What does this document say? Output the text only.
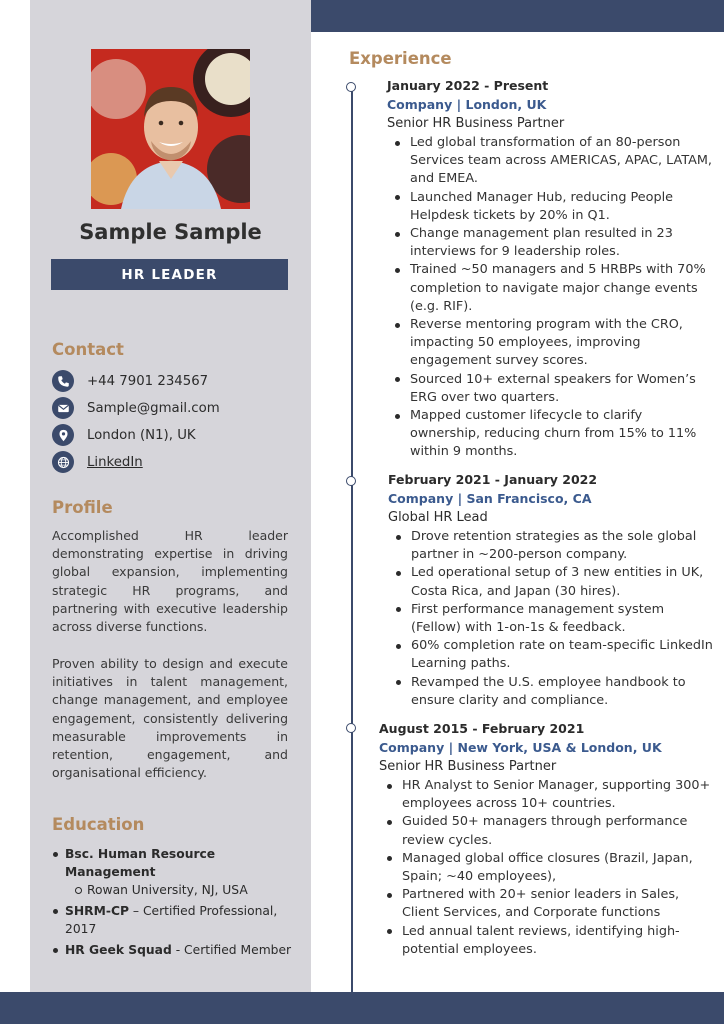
Sample Sample
HR LEADER
Contact
+44 7901 234567
Sample@gmail.com
London (N1), UK
LinkedIn
Profile
Accomplished HR leader demonstrating expertise in driving global expansion, implementing strategic HR programs, and partnering with executive leadership across diverse functions.
Proven ability to design and execute initiatives in talent management, change management, and employee engagement, consistently delivering measurable improvements in retention, engagement, and organisational efficiency.
Education
Bsc. Human Resource Management
Rowan University, NJ, USA
SHRM-CP – Certified Professional, 2017
HR Geek Squad - Certified Member
Experience
January 2022 - Present
Company | London, UK
Senior HR Business Partner
Led global transformation of an 80-person Services team across AMERICAS, APAC, LATAM, and EMEA.
Launched Manager Hub, reducing People Helpdesk tickets by 20% in Q1.
Change management plan resulted in 23 interviews for 9 leadership roles.
Trained ~50 managers and 5 HRBPs with 70% completion to navigate major change events (e.g. RIF).
Reverse mentoring program with the CRO, impacting 50 employees, improving engagement survey scores.
Sourced 10+ external speakers for Women’s ERG over two quarters.
Mapped customer lifecycle to clarify ownership, reducing churn from 15% to 11% within 9 months.
February 2021 - January 2022
Company | San Francisco, CA
Global HR Lead
Drove retention strategies as the sole global partner in ~200-person company.
Led operational setup of 3 new entities in UK, Costa Rica, and Japan (30 hires).
First performance management system (Fellow) with 1-on-1s & feedback.
60% completion rate on team-specific LinkedIn Learning paths.
Revamped the U.S. employee handbook to ensure clarity and compliance.
August 2015 - February 2021
Company | New York, USA & London, UK
Senior HR Business Partner
HR Analyst to Senior Manager, supporting 300+ employees across 10+ countries.
Guided 50+ managers through performance review cycles.
Managed global office closures (Brazil, Japan, Spain; ~40 employees),
Partnered with 20+ senior leaders in Sales, Client Services, and Corporate functions
Led annual talent reviews, identifying high-potential employees.
